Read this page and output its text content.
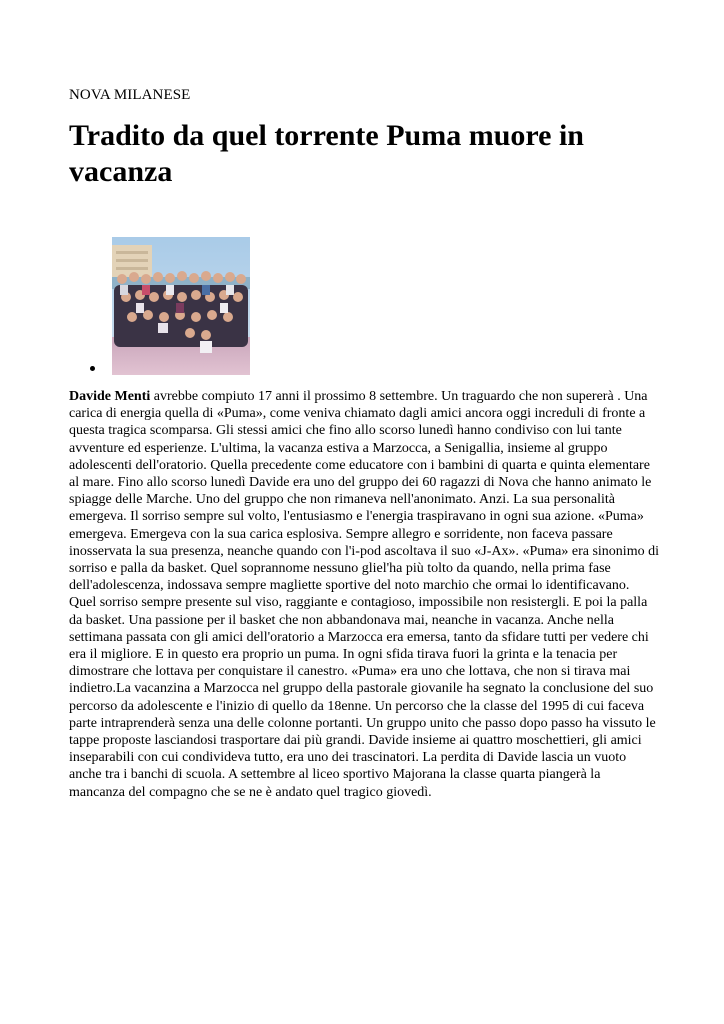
NOVA MILANESE
Tradito da quel torrente Puma muore in vacanza

Davide Menti avrebbe compiuto 17 anni il prossimo 8 settembre. Un traguardo che non supererà . Una carica di energia quella di «Puma», come veniva chiamato dagli amici ancora oggi increduli di fronte a questa tragica scomparsa. Gli stessi amici che fino allo scorso lunedì hanno condiviso con lui tante avventure ed esperienze. L'ultima, la vacanza estiva a Marzocca, a Senigallia, insieme al gruppo adolescenti dell'oratorio. Quella precedente come educatore con i bambini di quarta e quinta elementare al mare. Fino allo scorso lunedì Davide era uno del gruppo dei 60 ragazzi di Nova che hanno animato le spiagge delle Marche. Uno del gruppo che non rimaneva nell'anonimato. Anzi. La sua personalità emergeva. Il sorriso sempre sul volto, l'entusiasmo e l'energia traspiravano in ogni sua azione. «Puma» emergeva. Emergeva con la sua carica esplosiva. Sempre allegro e sorridente, non faceva passare inosservata la sua presenza, neanche quando con l'i-pod ascoltava il suo «J-Ax». «Puma» era sinonimo di sorriso e palla da basket. Quel soprannome nessuno gliel'ha più tolto da quando, nella prima fase dell'adolescenza, indossava sempre magliette sportive del noto marchio che ormai lo identificavano. Quel sorriso sempre presente sul viso, raggiante e contagioso, impossibile non resistergli. E poi la palla da basket. Una passione per il basket che non abbandonava mai, neanche in vacanza. Anche nella settimana passata con gli amici dell'oratorio a Marzocca era emersa, tanto da sfidare tutti per vedere chi era il migliore. E in questo era proprio un puma. In ogni sfida tirava fuori la grinta e la tenacia per dimostrare che lottava per conquistare il canestro. «Puma» era uno che lottava, che non si tirava mai indietro.La vacanzina a Marzocca nel gruppo della pastorale giovanile ha segnato la conclusione del suo percorso da adolescente e l'inizio di quello da 18enne. Un percorso che la classe del 1995 di cui faceva parte intraprenderà senza una delle colonne portanti. Un gruppo unito che passo dopo passo ha vissuto le tappe proposte lasciandosi trasportare dai più grandi. Davide insieme ai quattro moschettieri, gli amici inseparabili con cui condivideva tutto, era uno dei trascinatori. La perdita di Davide lascia un vuoto anche tra i banchi di scuola. A settembre al liceo sportivo Majorana la classe quarta piangerà la mancanza del compagno che se ne è andato quel tragico giovedì.
